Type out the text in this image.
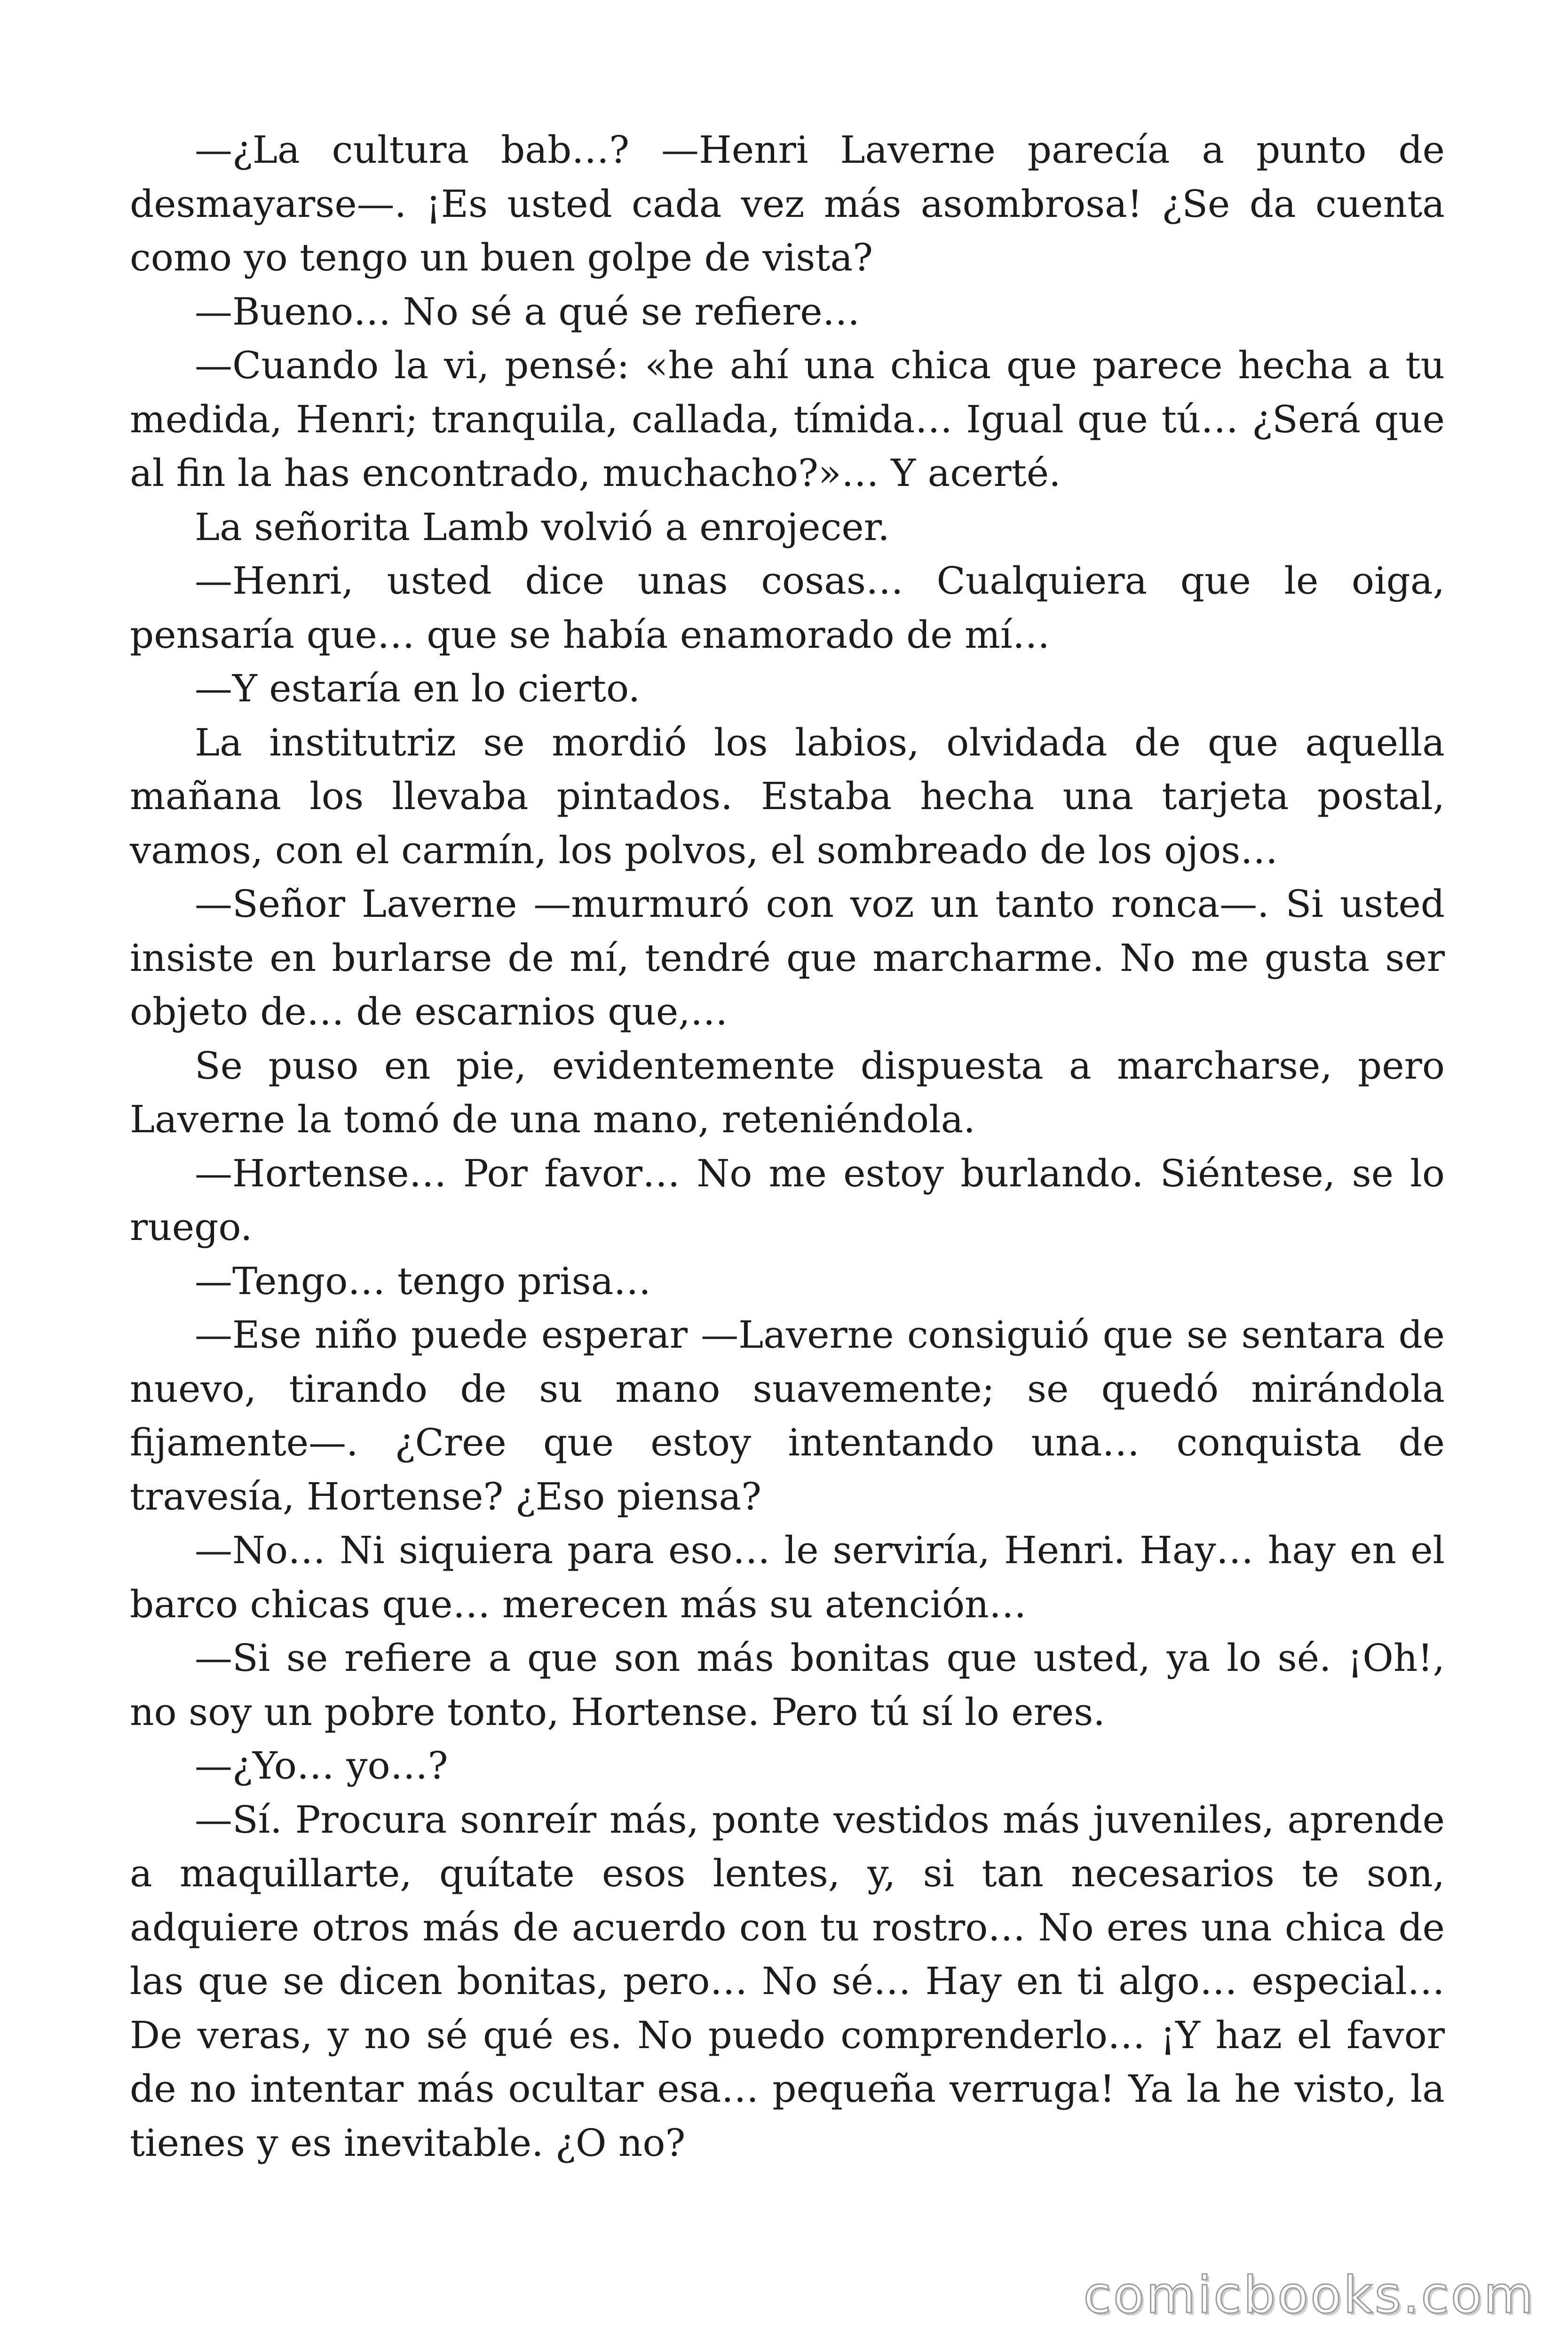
—¿La cultura bab…? —Henri Laverne parecía a punto de desmayarse—. ¡Es usted cada vez más asombrosa! ¿Se da cuenta como yo tengo un buen golpe de vista?

—Bueno… No sé a qué se refiere…

—Cuando la vi, pensé: «he ahí una chica que parece hecha a tu medida, Henri; tranquila, callada, tímida… Igual que tú… ¿Será que al fin la has encontrado, muchacho?»… Y acerté.

La señorita Lamb volvió a enrojecer.

—Henri, usted dice unas cosas… Cualquiera que le oiga, pensaría que… que se había enamorado de mí…

—Y estaría en lo cierto.

La institutriz se mordió los labios, olvidada de que aquella mañana los llevaba pintados. Estaba hecha una tarjeta postal, vamos, con el carmín, los polvos, el sombreado de los ojos…

—Señor Laverne —murmuró con voz un tanto ronca—. Si usted insiste en burlarse de mí, tendré que marcharme. No me gusta ser objeto de… de escarnios que,…

Se puso en pie, evidentemente dispuesta a marcharse, pero Laverne la tomó de una mano, reteniéndola.

—Hortense… Por favor… No me estoy burlando. Siéntese, se lo ruego.

—Tengo… tengo prisa…

—Ese niño puede esperar —Laverne consiguió que se sentara de nuevo, tirando de su mano suavemente; se quedó mirándola fijamente—. ¿Cree que estoy intentando una… conquista de travesía, Hortense? ¿Eso piensa?

—No… Ni siquiera para eso… le serviría, Henri. Hay… hay en el barco chicas que… merecen más su atención…

—Si se refiere a que son más bonitas que usted, ya lo sé. ¡Oh!, no soy un pobre tonto, Hortense. Pero tú sí lo eres.

—¿Yo… yo…?

—Sí. Procura sonreír más, ponte vestidos más juveniles, aprende a maquillarte, quítate esos lentes, y, si tan necesarios te son, adquiere otros más de acuerdo con tu rostro… No eres una chica de las que se dicen bonitas, pero… No sé… Hay en ti algo… especial… De veras, y no sé qué es. No puedo comprenderlo… ¡Y haz el favor de no intentar más ocultar esa… pequeña verruga! Ya la he visto, la tienes y es inevitable. ¿O no?

comicbooks.com
